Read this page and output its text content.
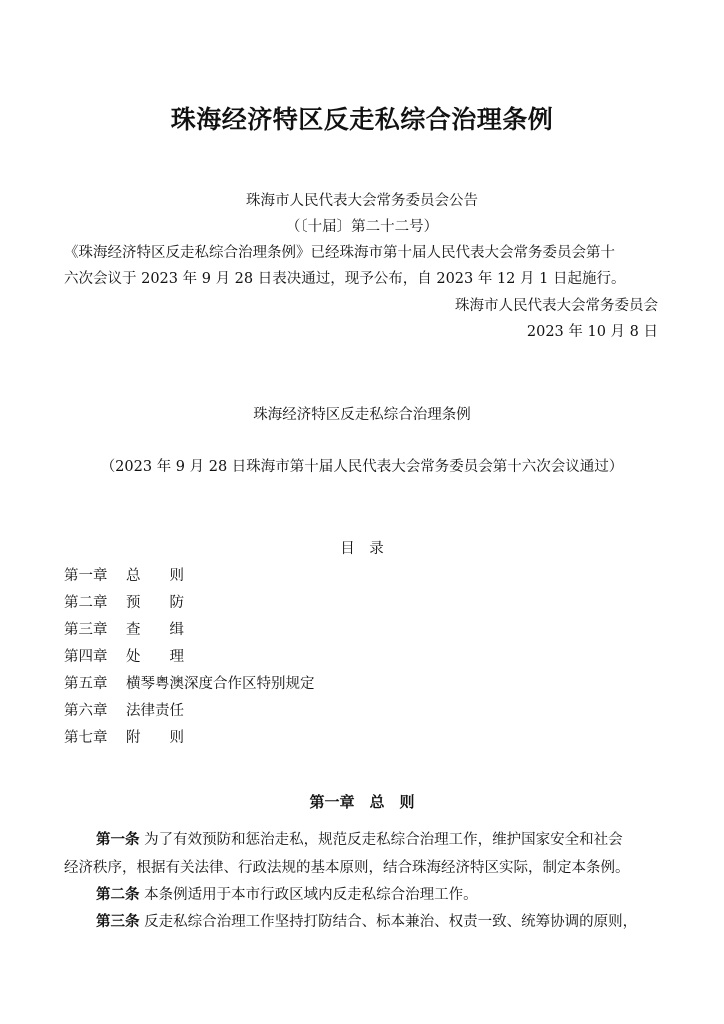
珠海经济特区反走私综合治理条例
珠海市人民代表大会常务委员会公告
（〔十届〕第二十二号）
《珠海经济特区反走私综合治理条例》已经珠海市第十届人民代表大会常务委员会第十
六次会议于 2023 年 9 月 28 日表决通过，现予公布，自 2023 年 12 月 1 日起施行。
珠海市人民代表大会常务委员会
2023 年 10 月 8 日
珠海经济特区反走私综合治理条例
（2023 年 9 月 28 日珠海市第十届人民代表大会常务委员会第十六次会议通过）
目　录
第一章 总　　则
第二章 预　　防
第三章 查　　缉
第四章 处　　理
第五章 横琴粤澳深度合作区特别规定
第六章 法律责任
第七章 附　　则
第一章　总　则
第一条 为了有效预防和惩治走私，规范反走私综合治理工作，维护国家安全和社会
经济秩序，根据有关法律、行政法规的基本原则，结合珠海经济特区实际，制定本条例。
第二条 本条例适用于本市行政区域内反走私综合治理工作。
第三条 反走私综合治理工作坚持打防结合、标本兼治、权责一致、统筹协调的原则，
